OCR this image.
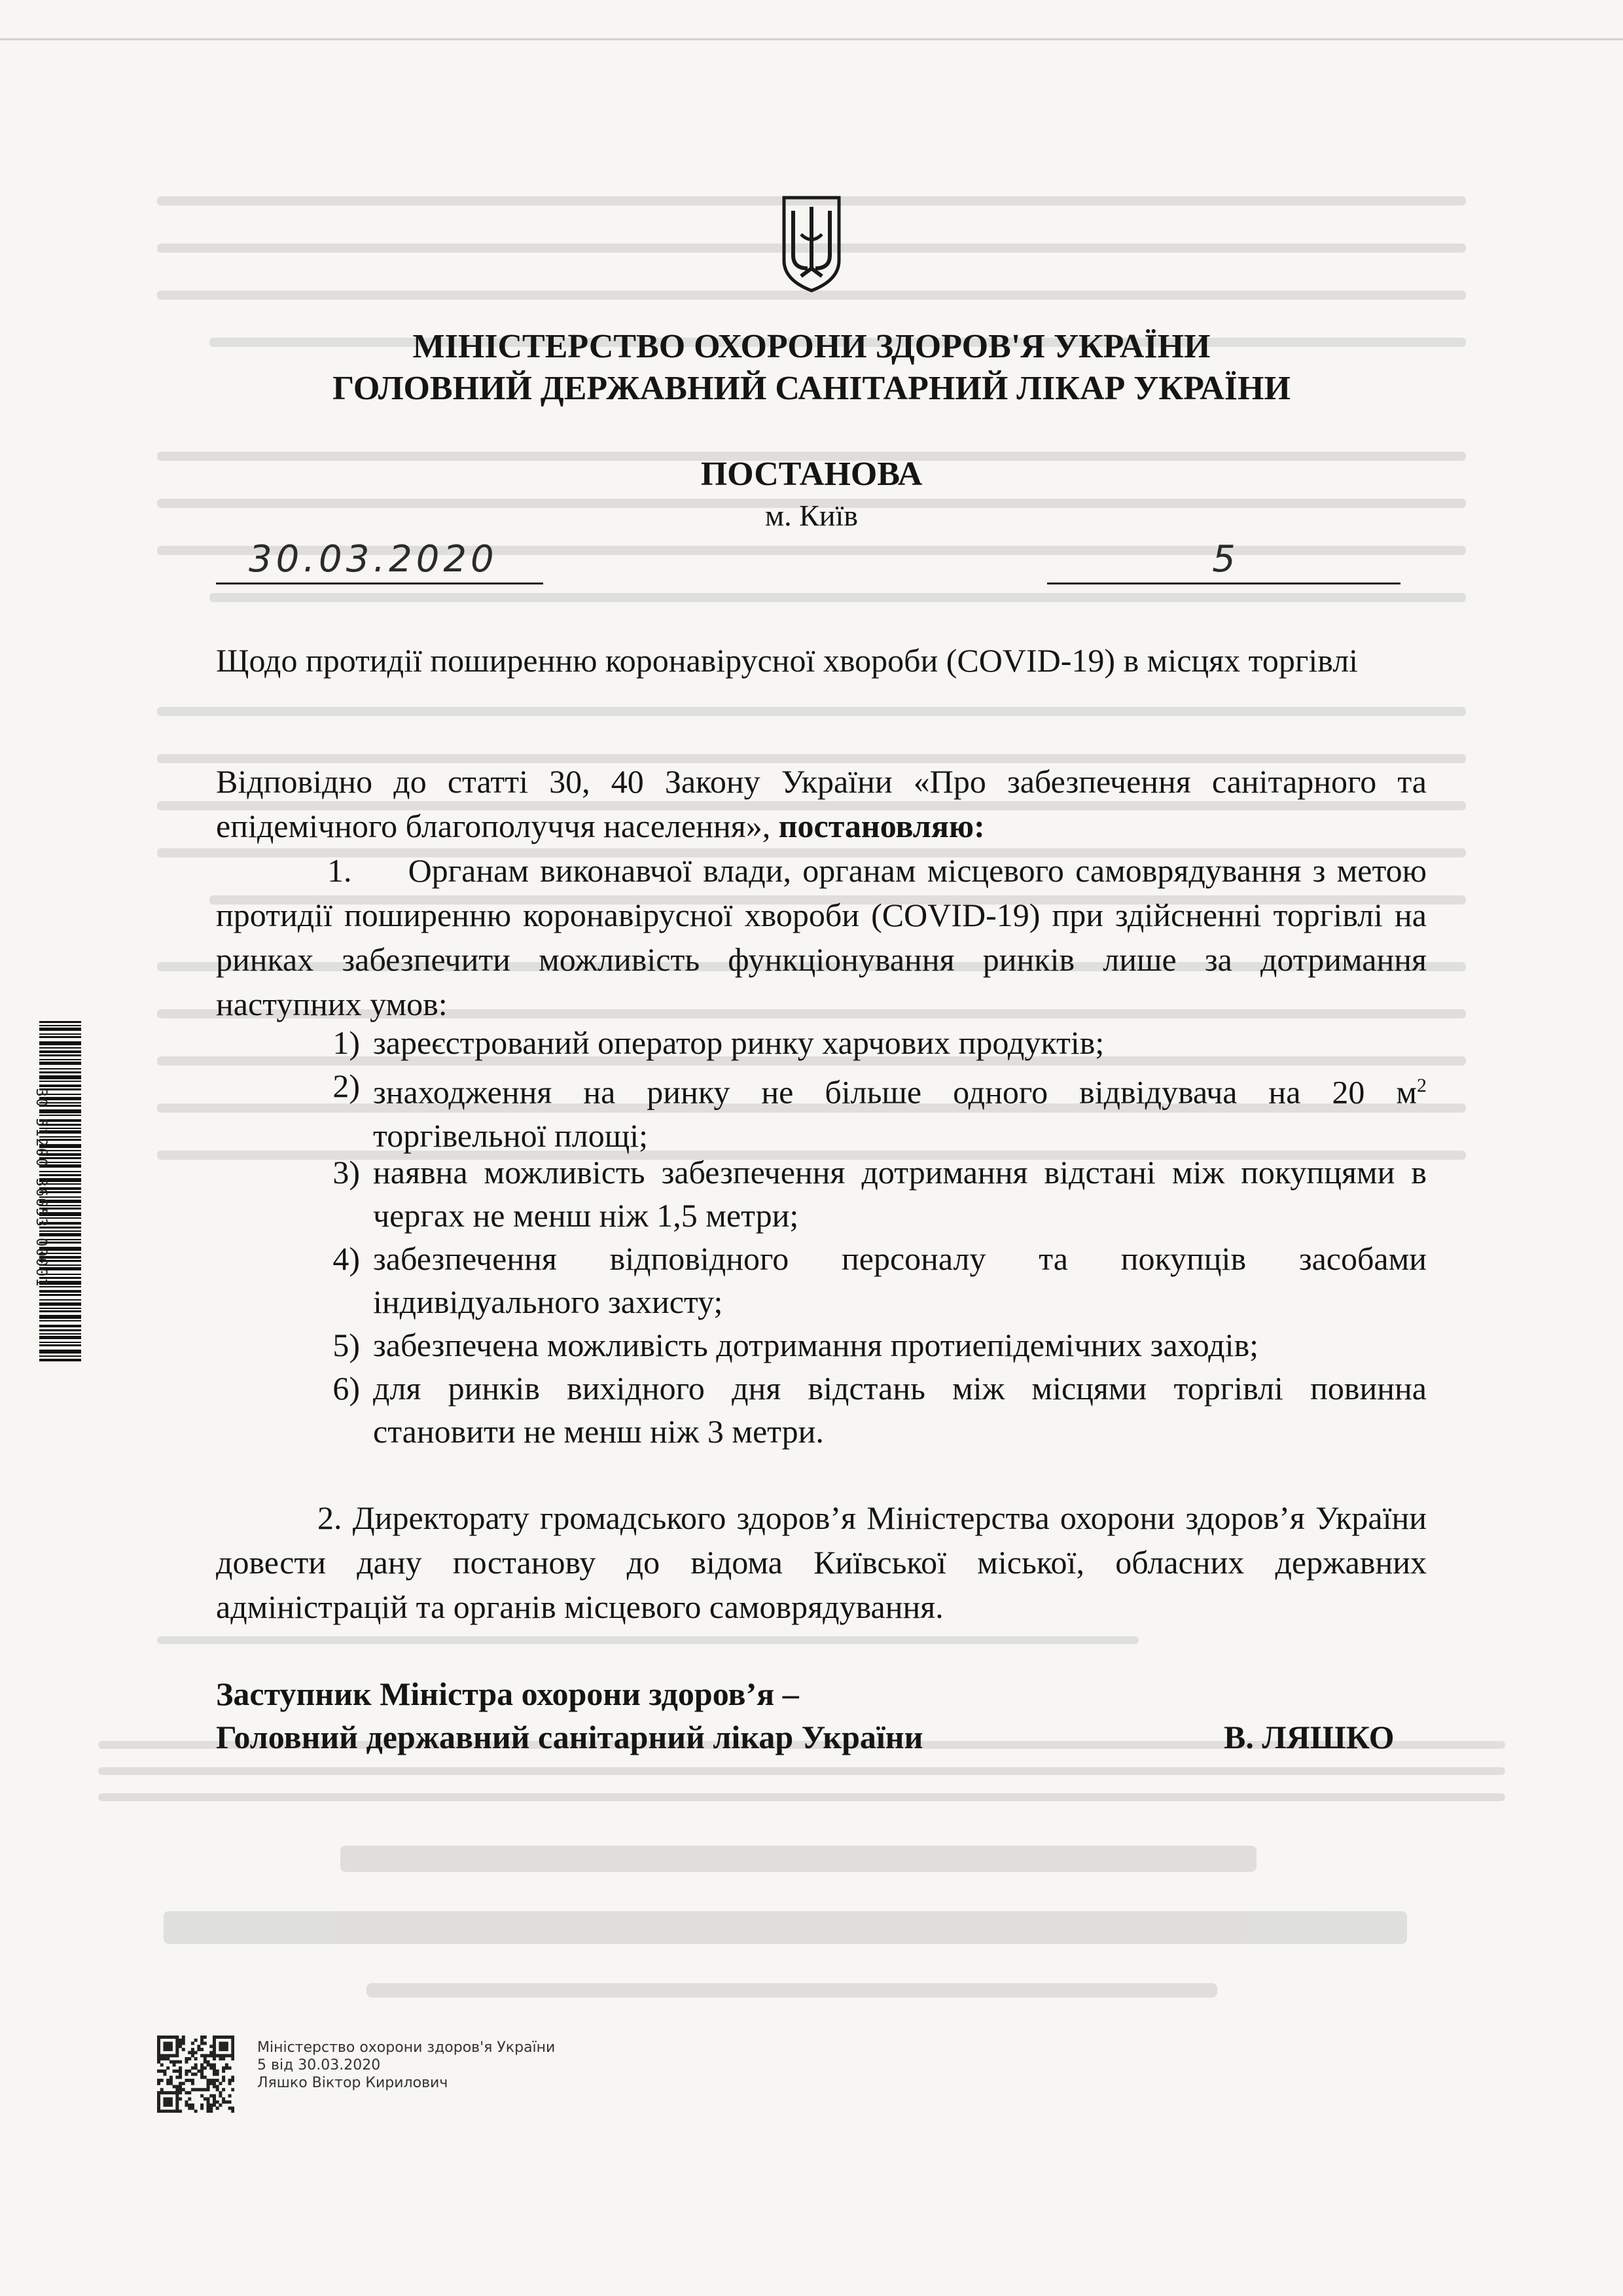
МІНІСТЕРСТВО ОХОРОНИ ЗДОРОВ'Я УКРАЇНИ
ГОЛОВНИЙ ДЕРЖАВНИЙ САНІТАРНИЙ ЛІКАР УКРАЇНИ
ПОСТАНОВА
м. Київ
30.03.2020	5
Щодо протидії поширенню коронавірусної хвороби (COVID-19) в місцях торгівлі
Відповідно до статті 30, 40 Закону України «Про забезпечення санітарного та епідемічного благополуччя населення», постановляю:
1. Органам виконавчої влади, органам місцевого самоврядування з метою протидії поширенню коронавірусної хвороби (COVID-19) при здійсненні торгівлі на ринках забезпечити можливість функціонування ринків лише за дотримання наступних умов:
1) зареєстрований оператор ринку харчових продуктів;
2) знаходження на ринку не більше одного відвідувача на 20 $м^2$
торгівельної площі;
3) наявна можливість забезпечення дотримання відстані між покупцями в чергах не менш ніж 1,5 метри;
4) забезпечення відповідного персоналу та покупців засобами індивідуального захисту;
5) забезпечена можливість дотримання протиепідемічних заходів;
6) для ринків вихідного дня відстань між місцями торгівлі повинна становити не менш ніж 3 метри.
2. Директорату громадського здоров’я Міністерства охорони здоров’я України довести дану постанову до відома Київської міської, обласних державних адміністрацій та органів місцевого самоврядування.
Заступник Міністра охорони здоров’я –
Головний державний санітарний лікар України	В. ЛЯШКО
30 51200 36653 00001
Міністерство охорони здоров'я України
5 від 30.03.2020
Ляшко Віктор Кирилович
